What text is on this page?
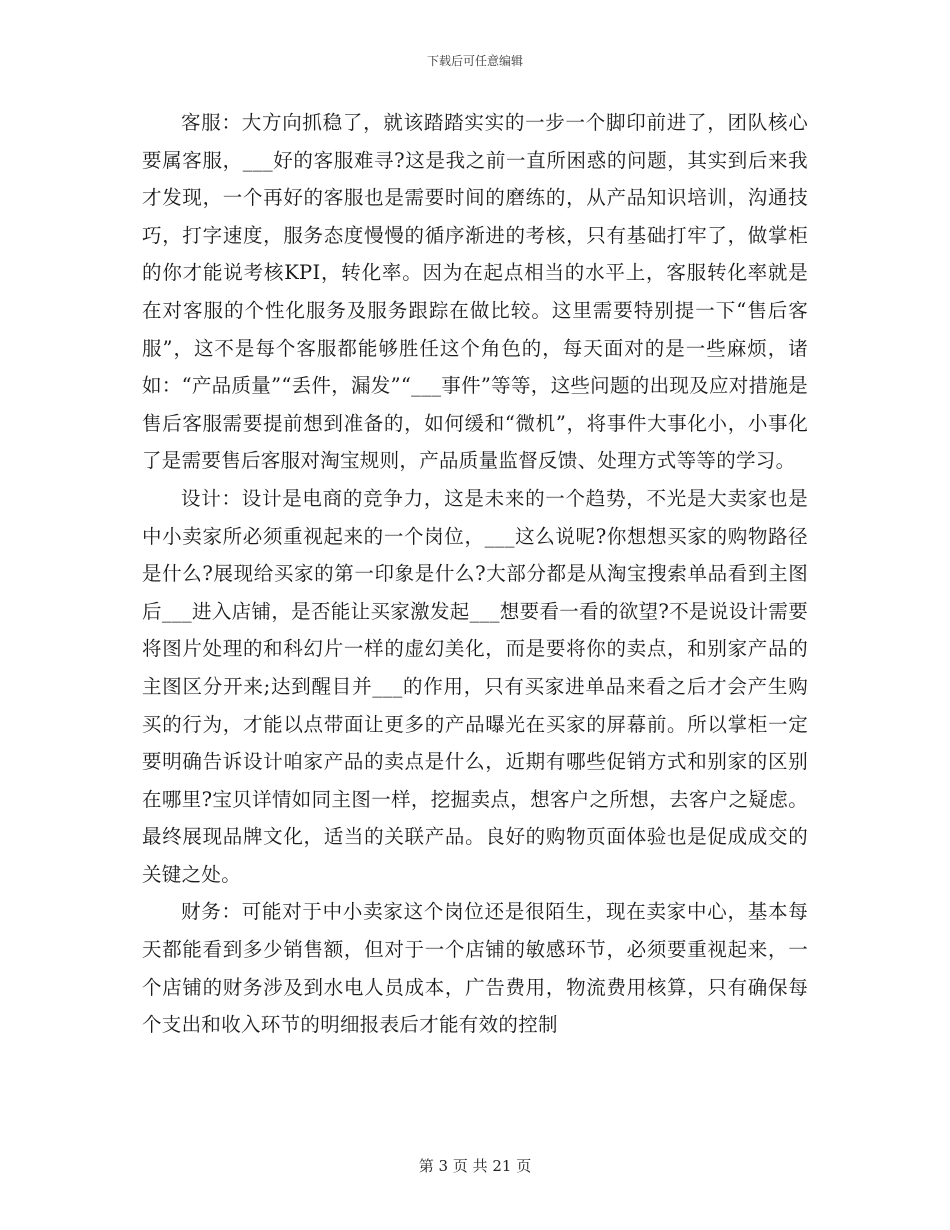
下载后可任意编辑

客服：大方向抓稳了，就该踏踏实实的一步一个脚印前进了，团队核心要属客服，___好的客服难寻?这是我之前一直所困惑的问题，其实到后来我才发现，一个再好的客服也是需要时间的磨练的，从产品知识培训，沟通技巧，打字速度，服务态度慢慢的循序渐进的考核，只有基础打牢了，做掌柜的你才能说考核KPI，转化率。因为在起点相当的水平上，客服转化率就是在对客服的个性化服务及服务跟踪在做比较。这里需要特别提一下“售后客服”，这不是每个客服都能够胜任这个角色的，每天面对的是一些麻烦，诸如：“产品质量”“丢件，漏发”“___事件”等等，这些问题的出现及应对措施是售后客服需要提前想到准备的，如何缓和“微机”，将事件大事化小，小事化了是需要售后客服对淘宝规则，产品质量监督反馈、处理方式等等的学习。

设计：设计是电商的竞争力，这是未来的一个趋势，不光是大卖家也是中小卖家所必须重视起来的一个岗位，___这么说呢?你想想买家的购物路径是什么?展现给买家的第一印象是什么?大部分都是从淘宝搜索单品看到主图后___进入店铺，是否能让买家激发起___想要看一看的欲望?不是说设计需要将图片处理的和科幻片一样的虚幻美化，而是要将你的卖点，和别家产品的主图区分开来;达到醒目并___的作用，只有买家进单品来看之后才会产生购买的行为，才能以点带面让更多的产品曝光在买家的屏幕前。所以掌柜一定要明确告诉设计咱家产品的卖点是什么，近期有哪些促销方式和别家的区别在哪里?宝贝详情如同主图一样，挖掘卖点，想客户之所想，去客户之疑虑。最终展现品牌文化，适当的关联产品。良好的购物页面体验也是促成成交的关键之处。

财务：可能对于中小卖家这个岗位还是很陌生，现在卖家中心，基本每天都能看到多少销售额，但对于一个店铺的敏感环节，必须要重视起来，一个店铺的财务涉及到水电人员成本，广告费用，物流费用核算，只有确保每个支出和收入环节的明细报表后才能有效的控制

第 3 页 共 21 页
